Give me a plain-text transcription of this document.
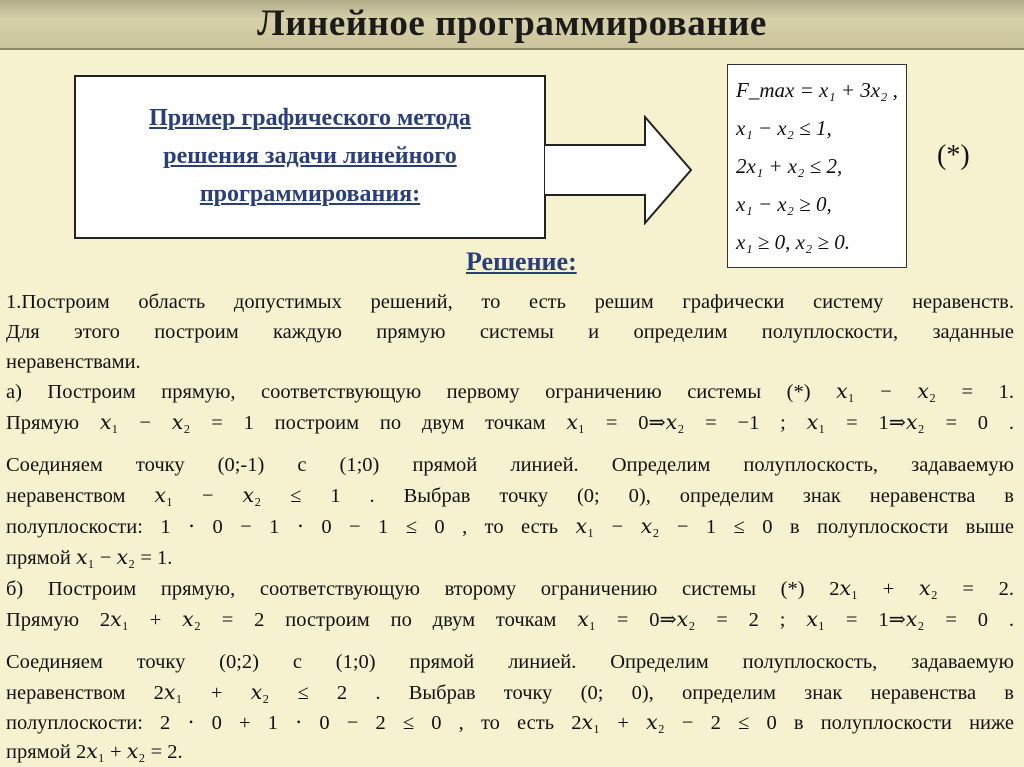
Линейное программирование
Пример графического метода
решения задачи линейного
программирования:
F_max = x₁ + 3x₂ ,
x₁ − x₂ ≤ 1,
2x₁ + x₂ ≤ 2,
x₁ − x₂ ≥ 0,
x₁ ≥ 0, x₂ ≥ 0.
(*)
Решение:
1.Построим область допустимых решений, то есть решим графически систему неравенств.
Для этого построим каждую прямую системы и определим полуплоскости, заданные
неравенствами.
а) Построим прямую, соответствующую первому ограничению системы (*) 𝑥₁ − 𝑥₂ = 1.
Прямую 𝑥₁ − 𝑥₂ = 1 построим по двум точкам 𝑥₁ = 0⇒𝑥₂ = −1 ; 𝑥₁ = 1⇒𝑥₂ = 0 .
Соединяем точку (0;-1) с (1;0) прямой линией. Определим полуплоскость, задаваемую
неравенством 𝑥₁ − 𝑥₂ ≤ 1 . Выбрав точку (0; 0), определим знак неравенства в
полуплоскости: 1 ⋅ 0 − 1 ⋅ 0 − 1 ≤ 0 , то есть 𝑥₁ − 𝑥₂ − 1 ≤ 0 в полуплоскости выше
прямой 𝑥₁ − 𝑥₂ = 1.
б) Построим прямую, соответствующую второму ограничению системы (*) 2𝑥₁ + 𝑥₂ = 2.
Прямую 2𝑥₁ + 𝑥₂ = 2 построим по двум точкам 𝑥₁ = 0⇒𝑥₂ = 2 ; 𝑥₁ = 1⇒𝑥₂ = 0 .
Соединяем точку (0;2) с (1;0) прямой линией. Определим полуплоскость, задаваемую
неравенством 2𝑥₁ + 𝑥₂ ≤ 2 . Выбрав точку (0; 0), определим знак неравенства в
полуплоскости: 2 ⋅ 0 + 1 ⋅ 0 − 2 ≤ 0 , то есть 2𝑥₁ + 𝑥₂ − 2 ≤ 0 в полуплоскости ниже
прямой 2𝑥₁ + 𝑥₂ = 2.
